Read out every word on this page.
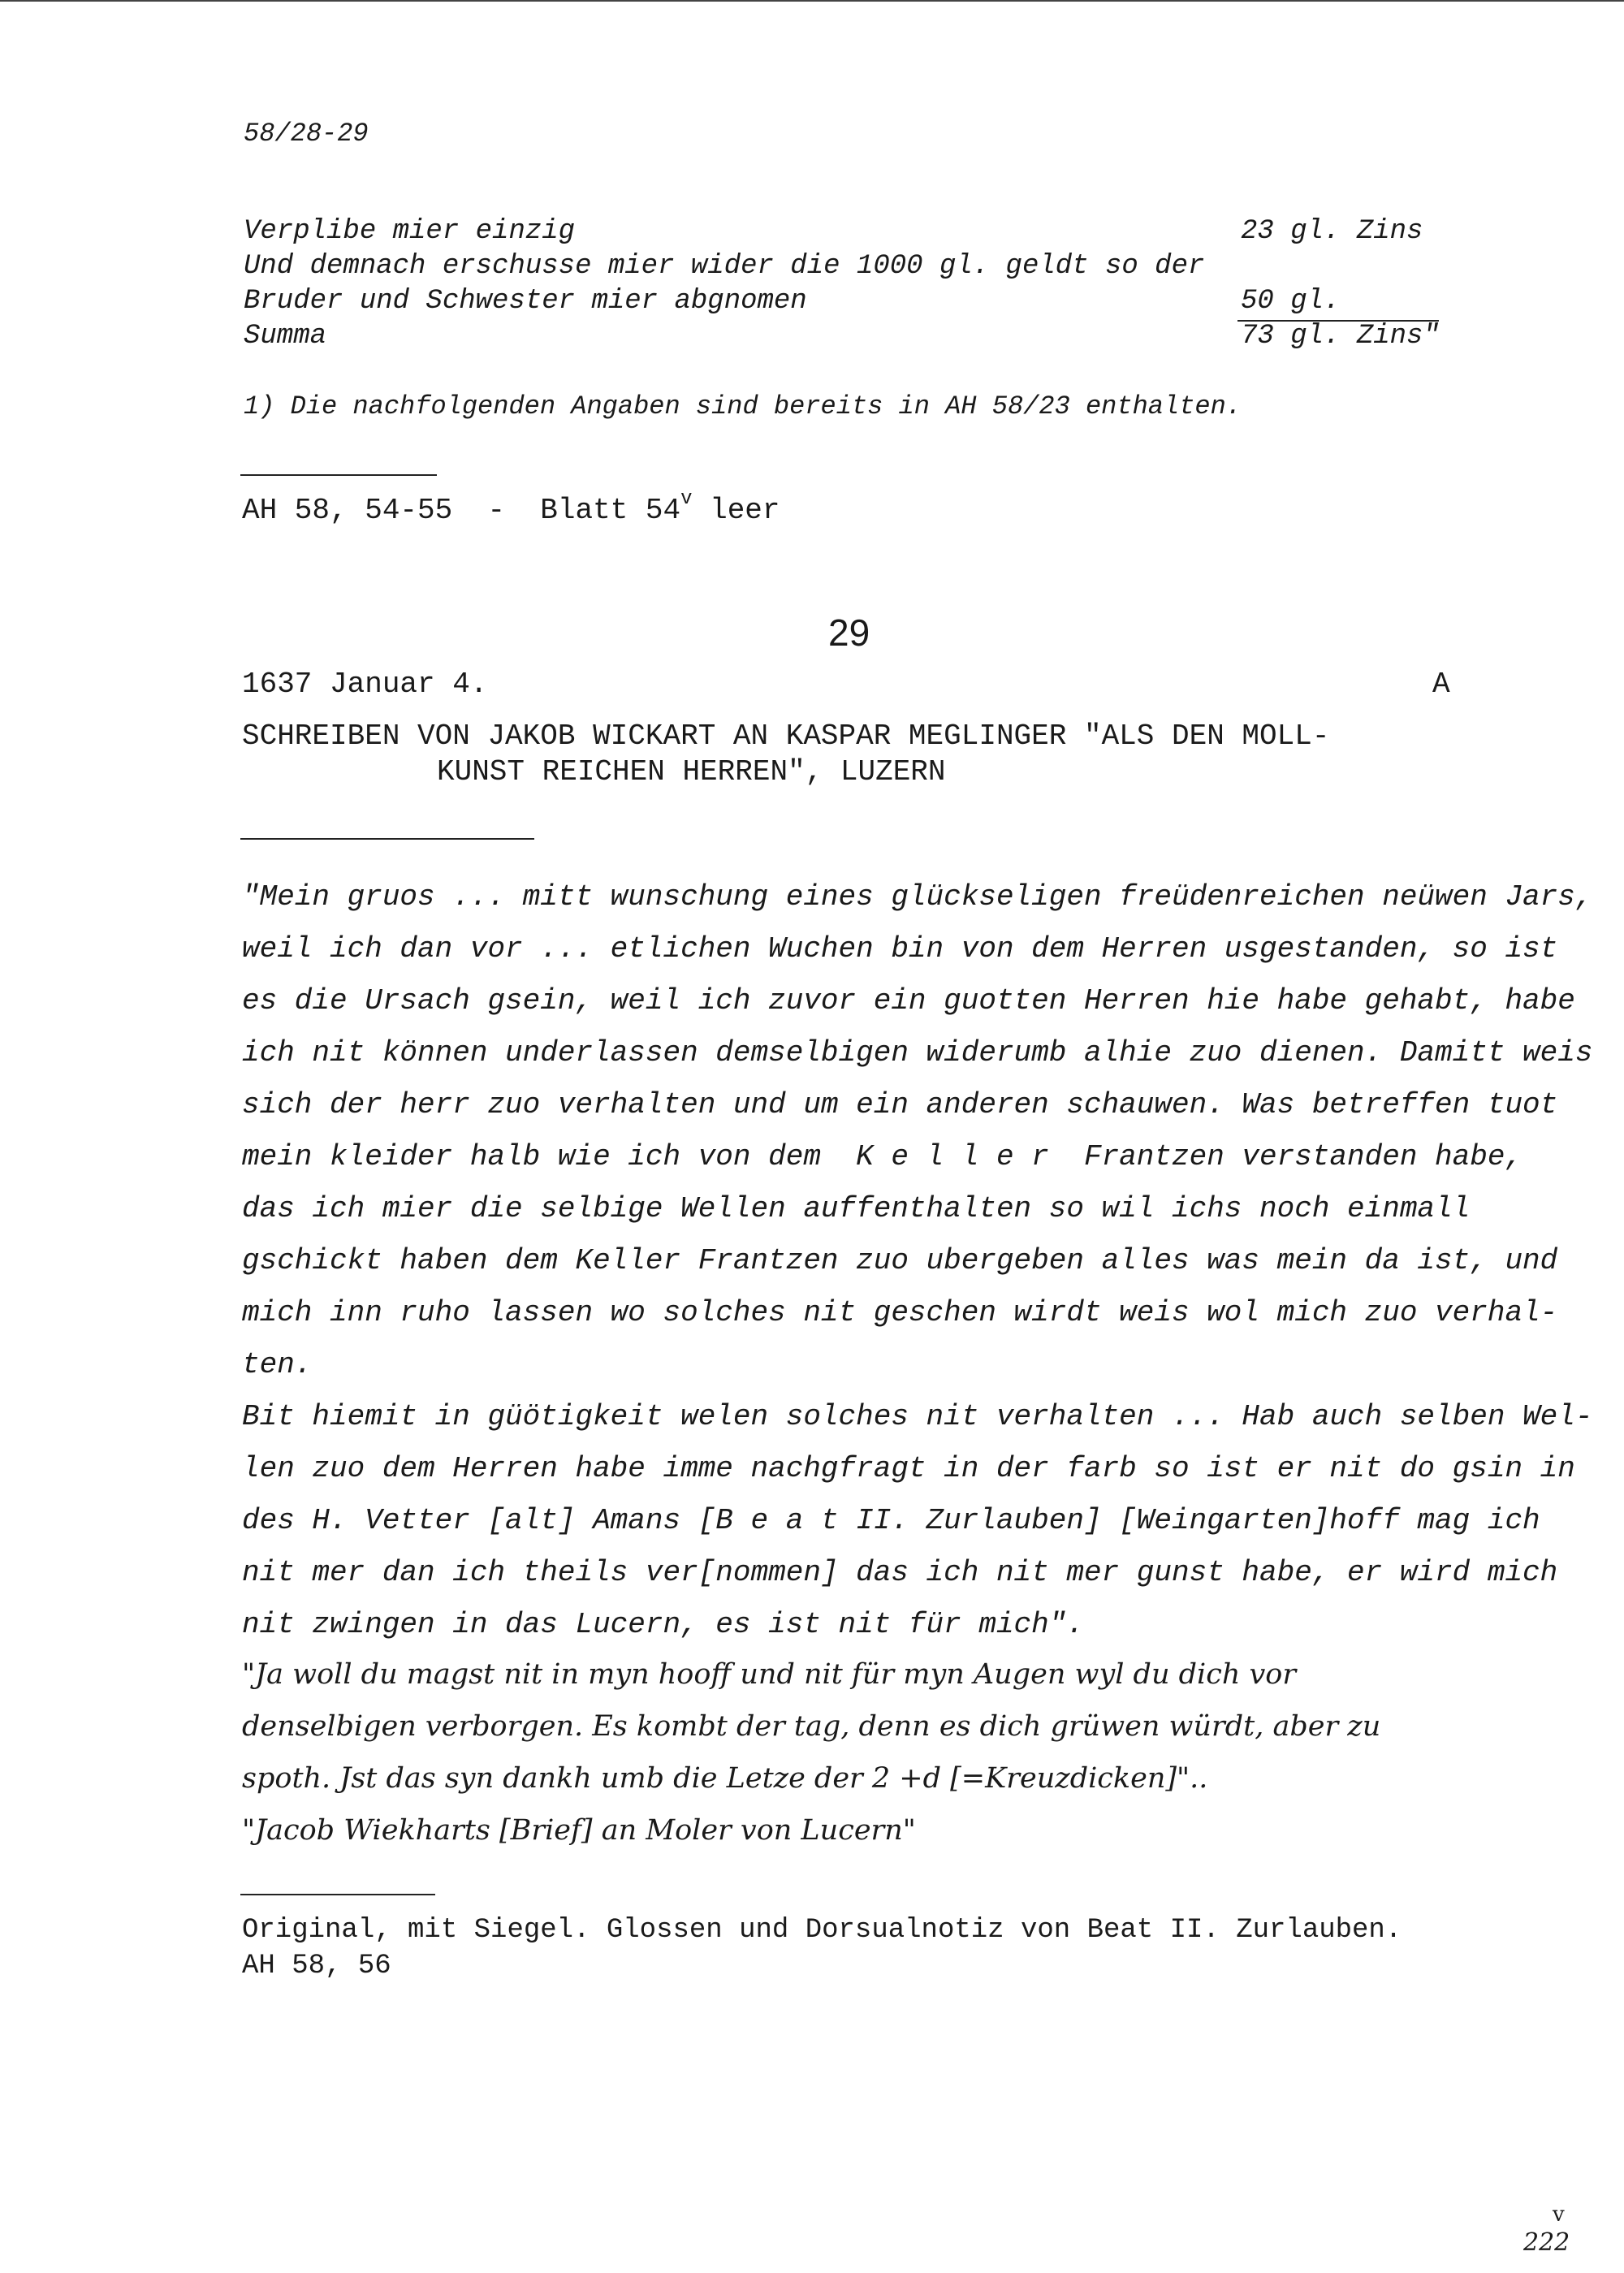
58/28-29
Verplibe mier einzig	23 gl. Zins
Und demnach erschusse mier wider die 1000 gl. geldt so der
Bruder und Schwester mier abgnomen	50 gl.
Summa	73 gl. Zins"
1) Die nachfolgenden Angaben sind bereits in AH 58/23 enthalten.
AH 58, 54-55  -  Blatt 54$^v$ leer
29
1637 Januar 4.	A
SCHREIBEN VON JAKOB WICKART AN KASPAR MEGLINGER "ALS DEN MOLL-
KUNST REICHEN HERREN", LUZERN
"Mein gruos ... mitt wunschung eines glückseligen freüdenreichen neüwen Jars,
weil ich dan vor ... etlichen Wuchen bin von dem Herren usgestanden, so ist
es die Ursach gsein, weil ich zuvor ein guotten Herren hie habe gehabt, habe
ich nit können underlassen demselbigen widerumb alhie zuo dienen. Damitt weis
sich der herr zuo verhalten und um ein anderen schauwen. Was betreffen tuot
mein kleider halb wie ich von dem  K e l l e r  Frantzen verstanden habe,
das ich mier die selbige Wellen auffenthalten so wil ichs noch einmall
gschickt haben dem Keller Frantzen zuo ubergeben alles was mein da ist, und
mich inn ruho lassen wo solches nit geschen wirdt weis wol mich zuo verhal-
ten.
Bit hiemit in güötigkeit welen solches nit verhalten ... Hab auch selben Wel-
len zuo dem Herren habe imme nachgfragt in der farb so ist er nit do gsin in
des H. Vetter [alt] Amans [B e a t II. Zurlauben] [Weingarten]hoff mag ich
nit mer dan ich theils ver[nommen] das ich nit mer gunst habe, er wird mich
nit zwingen in das Lucern, es ist nit für mich".
"Ja woll du magst nit in myn hooff und nit für myn Augen wyl du dich vor
denselbigen verborgen. Es kombt der tag, denn es dich grüwen würdt, aber zu
spoth. Jst das syn dankh umb die Letze der 2 +d [=Kreuzdicken]"..
"Jacob Wiekharts [Brief] an Moler von Lucern"
Original, mit Siegel. Glossen und Dorsualnotiz von Beat II. Zurlauben.
AH 58, 56
v
222
